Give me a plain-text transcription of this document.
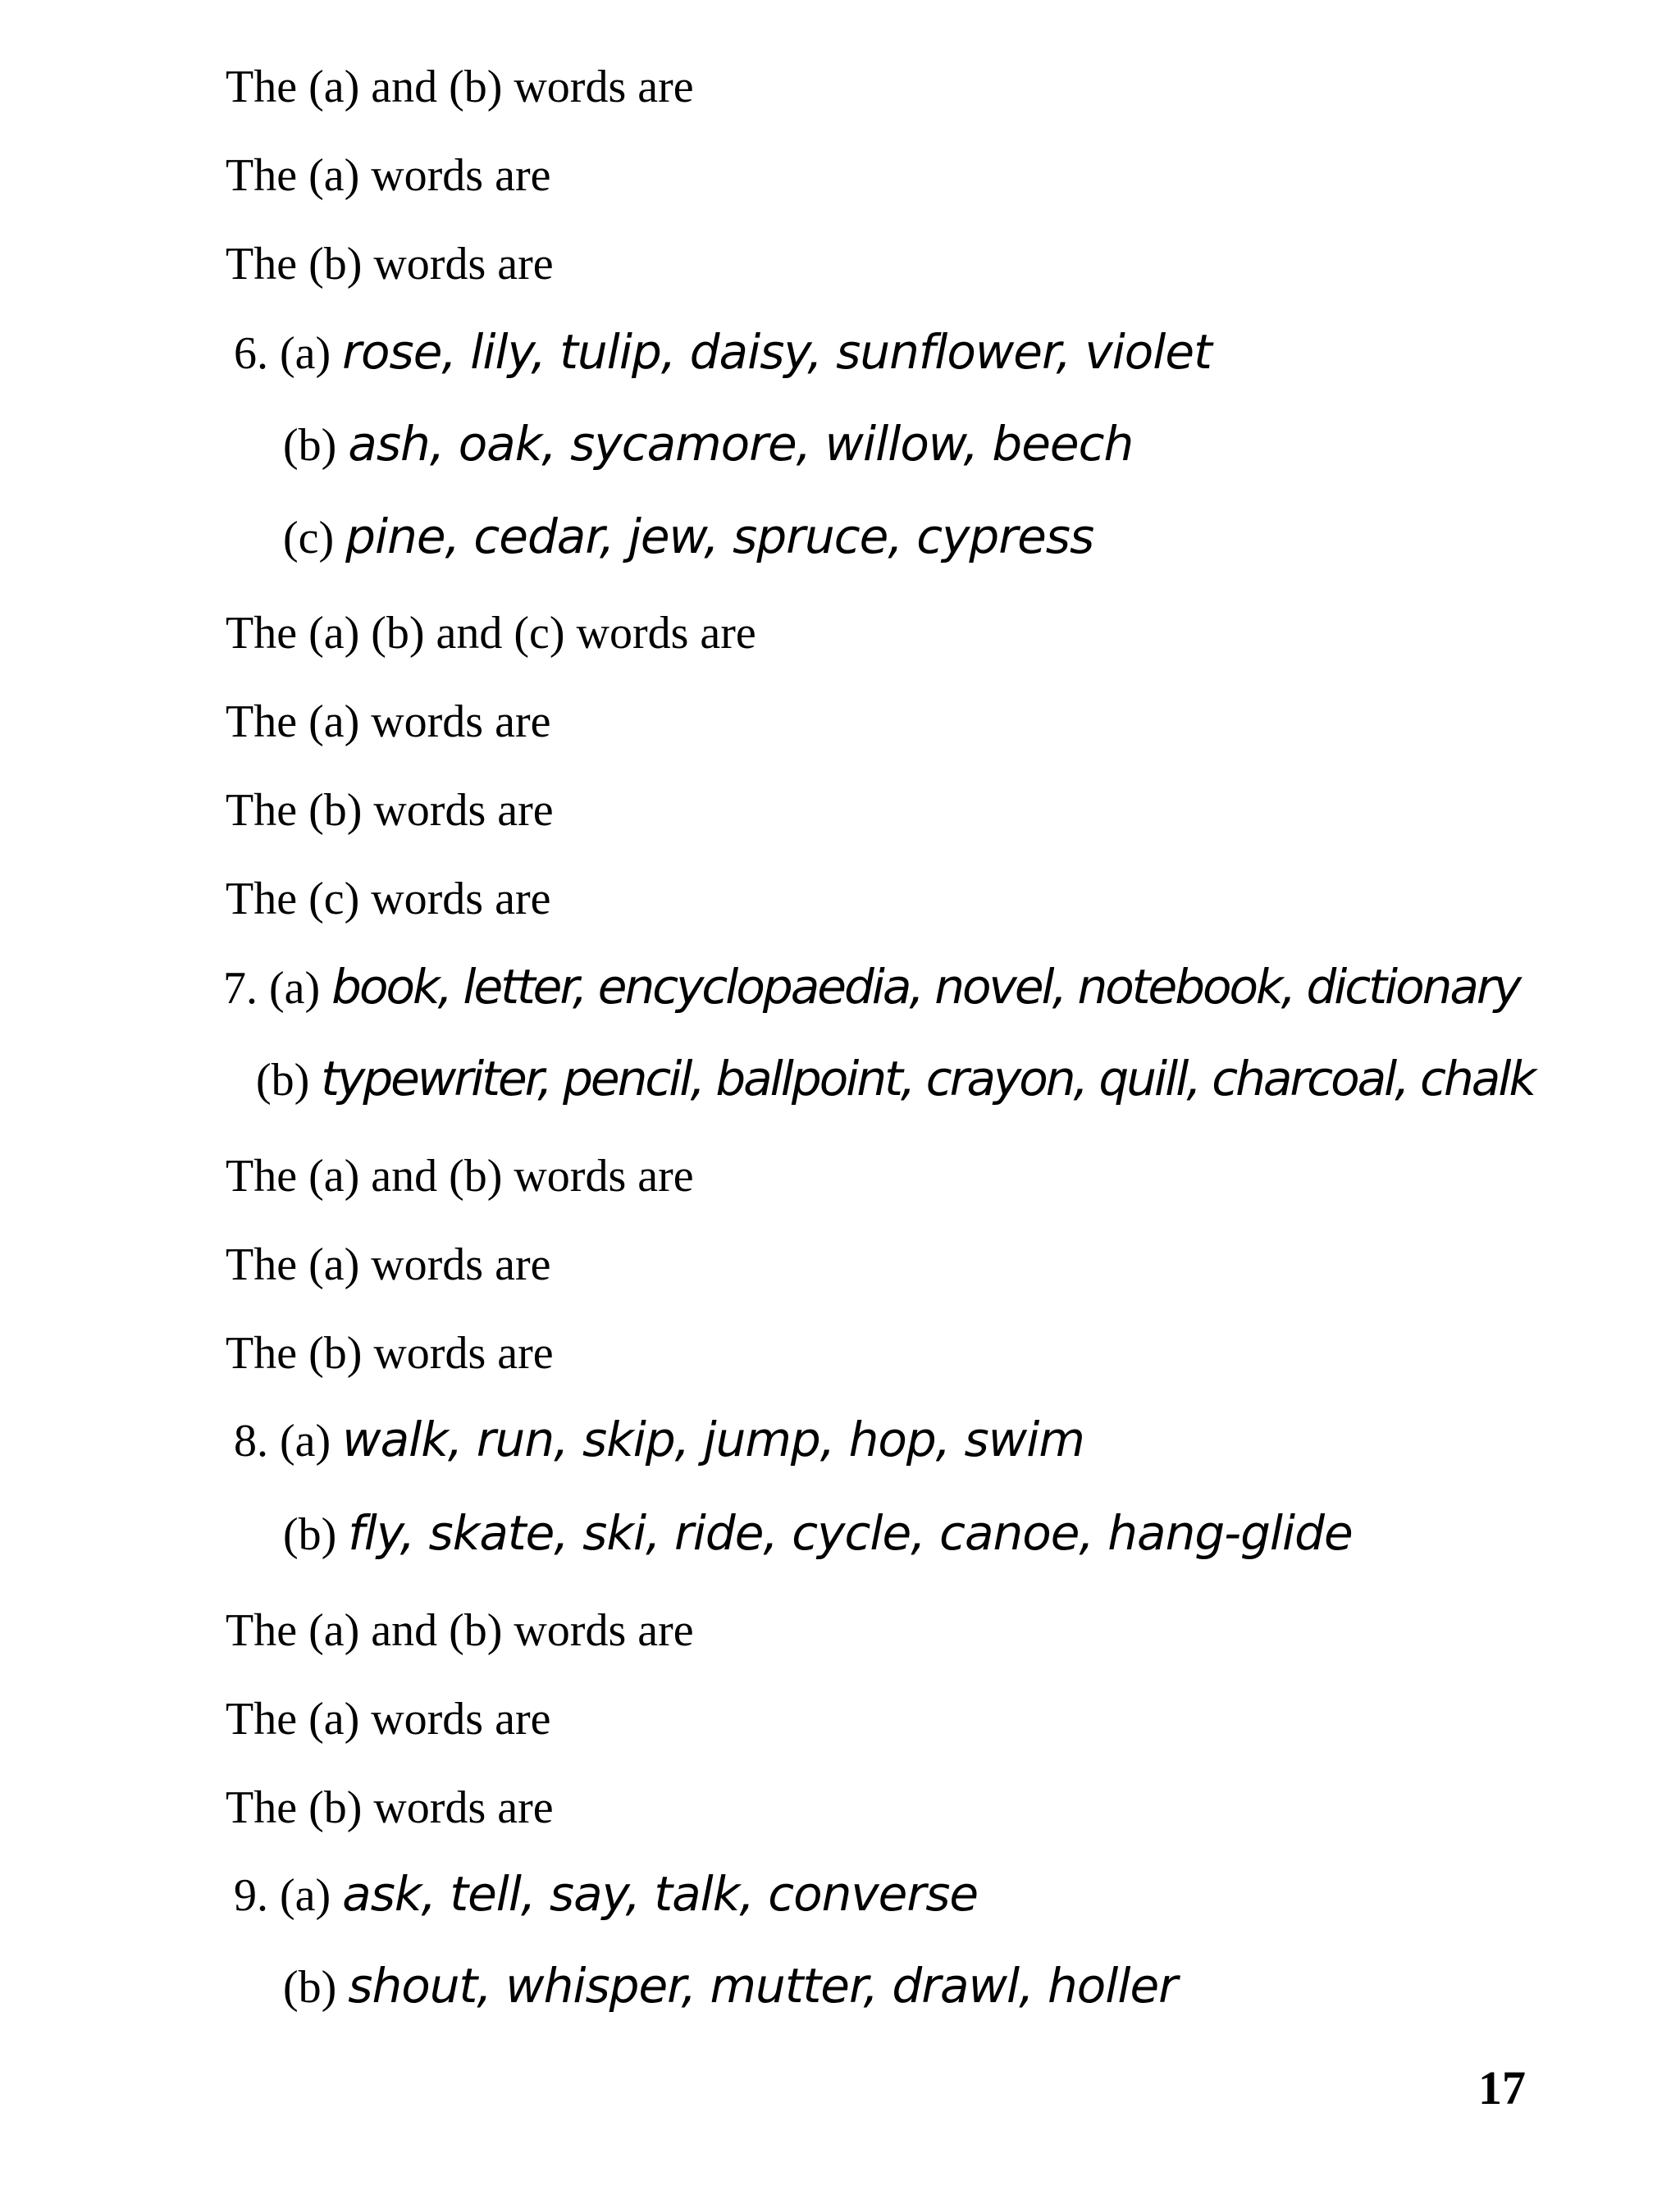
The (a) and (b) words are
The (a) words are
The (b) words are
6. (a) rose, lily, tulip, daisy, sunflower, violet
(b) ash, oak, sycamore, willow, beech
(c) pine, cedar, jew, spruce, cypress
The (a) (b) and (c) words are
The (a) words are
The (b) words are
The (c) words are
7. (a) book, letter, encyclopaedia, novel, notebook, dictionary
(b) typewriter, pencil, ballpoint, crayon, quill, charcoal, chalk
The (a) and (b) words are
The (a) words are
The (b) words are
8. (a) walk, run, skip, jump, hop, swim
(b) fly, skate, ski, ride, cycle, canoe, hang-glide
The (a) and (b) words are
The (a) words are
The (b) words are
9. (a) ask, tell, say, talk, converse
(b) shout, whisper, mutter, drawl, holler
17
